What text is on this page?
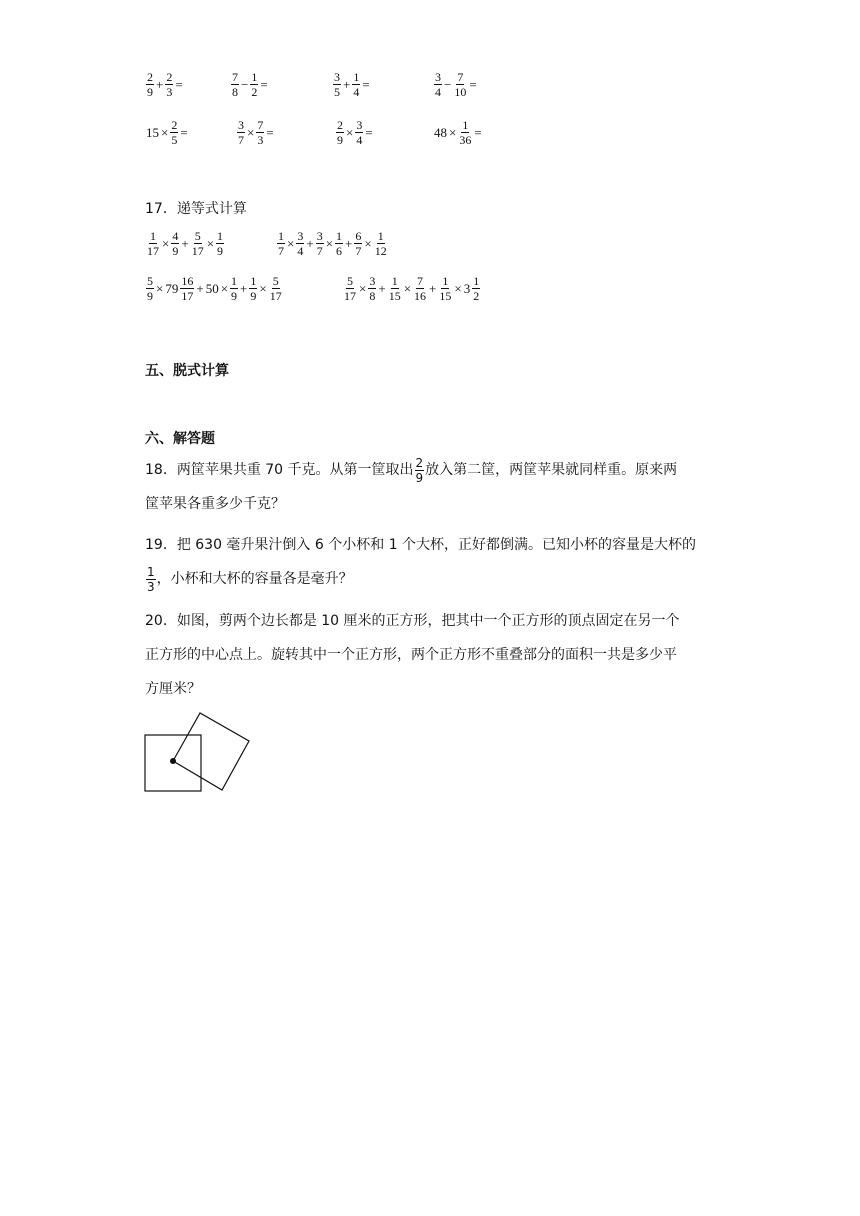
$\frac{2}{9} + \frac{2}{3}$ =	$\frac{7}{8} - \frac{1}{2}$ =	$\frac{3}{5} + \frac{1}{4}$ =	$\frac{3}{4} - \frac{7}{10}$ =
$15 \times \frac{2}{5}$ =	$\frac{3}{7} \times \frac{7}{3}$ =	$\frac{2}{9} \times \frac{3}{4}$ =	$48 \times \frac{1}{36}$ =
17．递等式计算
$\frac{1}{17} \times \frac{4}{9} + \frac{5}{17} \times \frac{1}{9}$	$\frac{1}{7} \times \frac{3}{4} + \frac{3}{7} \times \frac{1}{6} + \frac{6}{7} \times \frac{1}{12}$
$\frac{5}{9} \times 79 \frac{16}{17} + 50 \times \frac{1}{9} + \frac{1}{9} \times \frac{5}{17}$	$\frac{5}{17} \times \frac{3}{8} + \frac{1}{15} \times \frac{7}{16} + \frac{1}{15} \times 3 \frac{1}{2}$
五、脱式计算
六、解答题
18．两筐苹果共重 70 千克。从第一筐取出 $\frac{2}{9}$ 放入第二筐，两筐苹果就同样重。原来两
筐苹果各重多少千克？
19．把 630 毫升果汁倒入 6 个小杯和 1 个大杯，正好都倒满。已知小杯的容量是大杯的
$\frac{1}{3}$ ，小杯和大杯的容量各是毫升？
20．如图，剪两个边长都是 10 厘米的正方形，把其中一个正方形的顶点固定在另一个
正方形的中心点上。旋转其中一个正方形，两个正方形不重叠部分的面积一共是多少平
方厘米？
